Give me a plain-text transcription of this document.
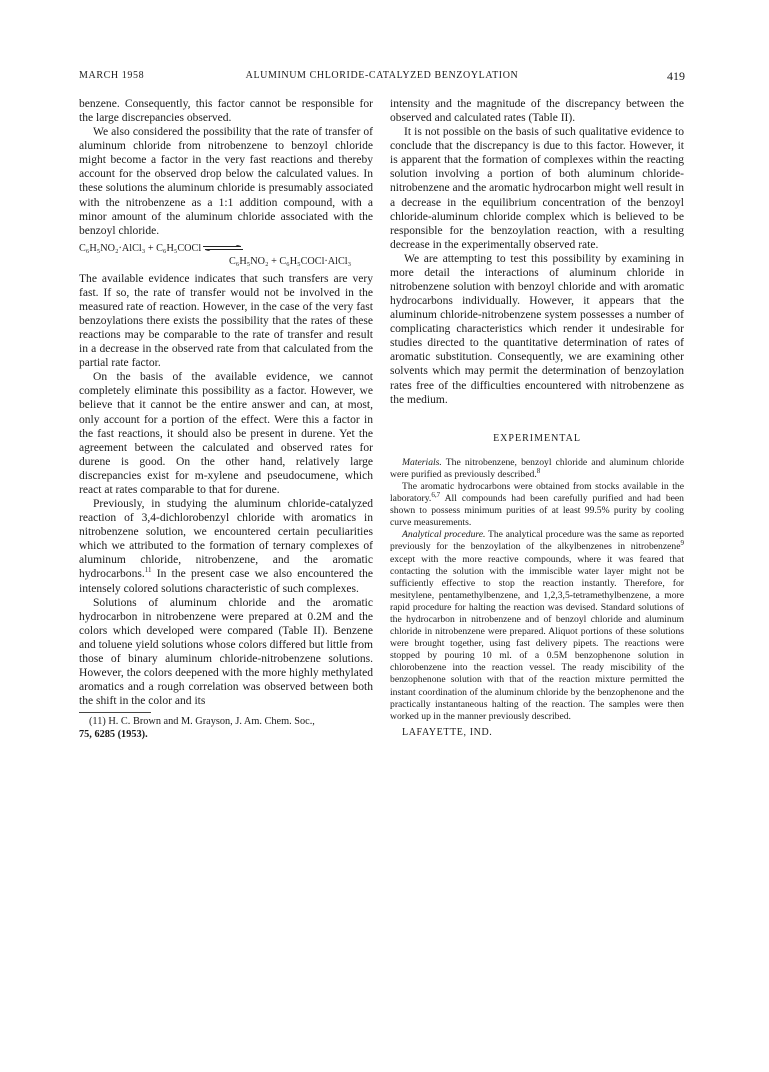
MARCH 1958	ALUMINUM CHLORIDE-CATALYZED BENZOYLATION	419

benzene. Consequently, this factor cannot be responsible for the large discrepancies observed.

We also considered the possibility that the rate of transfer of aluminum chloride from nitrobenzene to benzoyl chloride might become a factor in the very fast reactions and thereby account for the observed drop below the calculated values. In these solutions the aluminum chloride is presumably associated with the nitrobenzene as a 1:1 addition compound, with a minor amount of the aluminum chloride associated with the benzoyl chloride.

C₆H₅NO₂·AlCl₃ + C₆H₅COCl ⇌
C₆H₅NO₂ + C₆H₅COCl·AlCl₃

The available evidence indicates that such transfers are very fast. If so, the rate of transfer would not be involved in the measured rate of reaction. However, in the case of the very fast benzoylations there exists the possibility that the rates of these reactions may be comparable to the rate of transfer and result in a decrease in the observed rate from that calculated from the partial rate factor.

On the basis of the available evidence, we cannot completely eliminate this possibility as a factor. However, we believe that it cannot be the entire answer and can, at most, only account for a portion of the effect. Were this a factor in the fast reactions, it should also be present in durene. Yet the agreement between the calculated and observed rates for durene is good. On the other hand, relatively large discrepancies exist for m-xylene and pseudocumene, which react at rates comparable to that for durene.

Previously, in studying the aluminum chloride-catalyzed reaction of 3,4-dichlorobenzyl chloride with aromatics in nitrobenzene solution, we encountered certain peculiarities which we attributed to the formation of ternary complexes of aluminum chloride, nitrobenzene, and the aromatic hydrocarbons.$^{11}$ In the present case we also encountered the intensely colored solutions characteristic of such complexes.

Solutions of aluminum chloride and the aromatic hydrocarbon in nitrobenzene were prepared at 0.2M and the colors which developed were compared (Table II). Benzene and toluene yield solutions whose colors differed but little from those of binary aluminum chloride-nitrobenzene solutions. However, the colors deepened with the more highly methylated aromatics and a rough correlation was observed between both the shift in the color and its

(11) H. C. Brown and M. Grayson, J. Am. Chem. Soc.,
75, 6285 (1953).

intensity and the magnitude of the discrepancy between the observed and calculated rates (Table II).

It is not possible on the basis of such qualitative evidence to conclude that the discrepancy is due to this factor. However, it is apparent that the formation of complexes within the reacting solution involving a portion of both aluminum chloride-nitrobenzene and the aromatic hydrocarbon might well result in a decrease in the equilibrium concentration of the benzoyl chloride-aluminum chloride complex which is believed to be responsible for the benzoylation reaction, with a resulting decrease in the experimentally observed rate.

We are attempting to test this possibility by examining in more detail the interactions of aluminum chloride in nitrobenzene solution with benzoyl chloride and with aromatic hydrocarbons individually. However, it appears that the aluminum chloride-nitrobenzene system possesses a number of complicating characteristics which render it undesirable for studies directed to the quantitative determination of rates of aromatic substitution. Consequently, we are examining other solvents which may permit the determination of benzoylation rates free of the difficulties encountered with nitrobenzene as the medium.

EXPERIMENTAL

Materials. The nitrobenzene, benzoyl chloride and aluminum chloride were purified as previously described.$^8$

The aromatic hydrocarbons were obtained from stocks available in the laboratory.$^{6,7}$ All compounds had been carefully purified and had been shown to possess minimum purities of at least 99.5% purity by cooling curve measurements.

Analytical procedure. The analytical procedure was the same as reported previously for the benzoylation of the alkylbenzenes in nitrobenzene$^9$ except with the more reactive compounds, where it was feared that contacting the solution with the immiscible water layer might not be sufficiently effective to stop the reaction instantly. Therefore, for mesitylene, pentamethylbenzene, and 1,2,3,5-tetramethylbenzene, a more rapid procedure for halting the reaction was devised. Standard solutions of the hydrocarbon in nitrobenzene and of benzoyl chloride and aluminum chloride in nitrobenzene were prepared. Aliquot portions of these solutions were brought together, using fast delivery pipets. The reactions were stopped by pouring 10 ml. of a 0.5M benzophenone solution in chlorobenzene into the reaction vessel. The ready miscibility of the benzophenone solution with that of the reaction mixture permitted the instant coordination of the aluminum chloride by the benzophenone and the practically instantaneous halting of the reaction. The samples were then worked up in the manner previously described.

LAFAYETTE, IND.
